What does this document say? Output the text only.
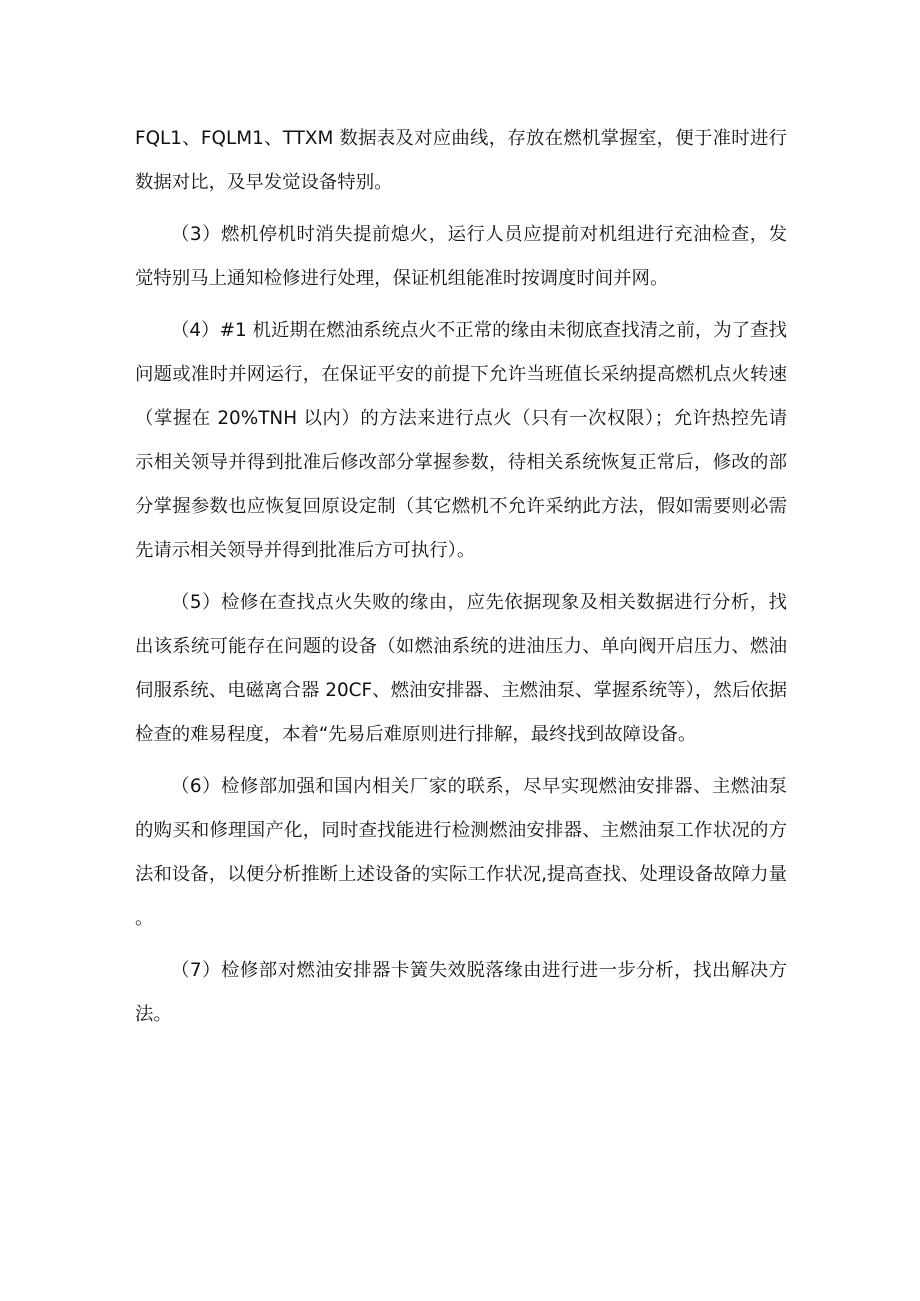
FQL1、FQLM1、TTXM 数据表及对应曲线，存放在燃机掌握室，便于准时进行数据对比，及早发觉设备特别。

（3）燃机停机时消失提前熄火，运行人员应提前对机组进行充油检查，发觉特别马上通知检修进行处理，保证机组能准时按调度时间并网。

（4）#1 机近期在燃油系统点火不正常的缘由未彻底查找清之前，为了查找问题或准时并网运行，在保证平安的前提下允许当班值长采纳提高燃机点火转速（掌握在 20%TNH 以内）的方法来进行点火（只有一次权限）；允许热控先请示相关领导并得到批准后修改部分掌握参数，待相关系统恢复正常后，修改的部分掌握参数也应恢复回原设定制（其它燃机不允许采纳此方法，假如需要则必需先请示相关领导并得到批准后方可执行）。

（5）检修在查找点火失败的缘由，应先依据现象及相关数据进行分析，找出该系统可能存在问题的设备（如燃油系统的进油压力、单向阀开启压力、燃油伺服系统、电磁离合器 20CF、燃油安排器、主燃油泵、掌握系统等），然后依据检查的难易程度，本着“先易后难原则进行排解，最终找到故障设备。

（6）检修部加强和国内相关厂家的联系，尽早实现燃油安排器、主燃油泵的购买和修理国产化，同时查找能进行检测燃油安排器、主燃油泵工作状况的方法和设备，以便分析推断上述设备的实际工作状况,提高查找、处理设备故障力量。

（7）检修部对燃油安排器卡簧失效脱落缘由进行进一步分析，找出解决方法。
